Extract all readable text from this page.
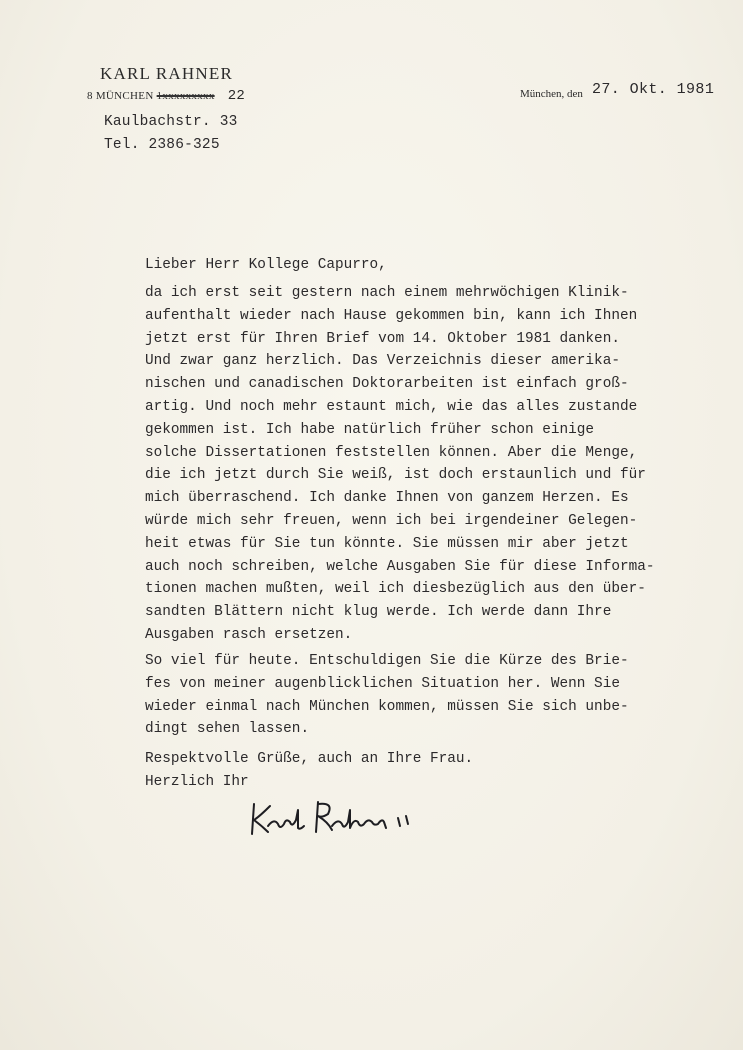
KARL RAHNER
8 MÜNCHEN 1xxxxxxxxx 22
Kaulbachstr. 33
Tel. 2386-325
München, den 27. Okt. 1981
Lieber Herr Kollege Capurro,
da ich erst seit gestern nach einem mehrwöchigen Klinik-
aufenthalt wieder nach Hause gekommen bin, kann ich Ihnen
jetzt erst für Ihren Brief vom 14. Oktober 1981 danken.
Und zwar ganz herzlich. Das Verzeichnis dieser amerika-
nischen und canadischen Doktorarbeiten ist einfach groß-
artig. Und noch mehr estaunt mich, wie das alles zustande
gekommen ist. Ich habe natürlich früher schon einige
solche Dissertationen feststellen können. Aber die Menge,
die ich jetzt durch Sie weiß, ist doch erstaunlich und für
mich überraschend. Ich danke Ihnen von ganzem Herzen. Es
würde mich sehr freuen, wenn ich bei irgendeiner Gelegen-
heit etwas für Sie tun könnte. Sie müssen mir aber jetzt
auch noch schreiben, welche Ausgaben Sie für diese Informa-
tionen machen mußten, weil ich diesbezüglich aus den über-
sandten Blättern nicht klug werde. Ich werde dann Ihre
Ausgaben rasch ersetzen.
So viel für heute. Entschuldigen Sie die Kürze des Brie-
fes von meiner augenblicklichen Situation her. Wenn Sie
wieder einmal nach München kommen, müssen Sie sich unbe-
dingt sehen lassen.
Respektvolle Grüße, auch an Ihre Frau.
Herzlich Ihr
